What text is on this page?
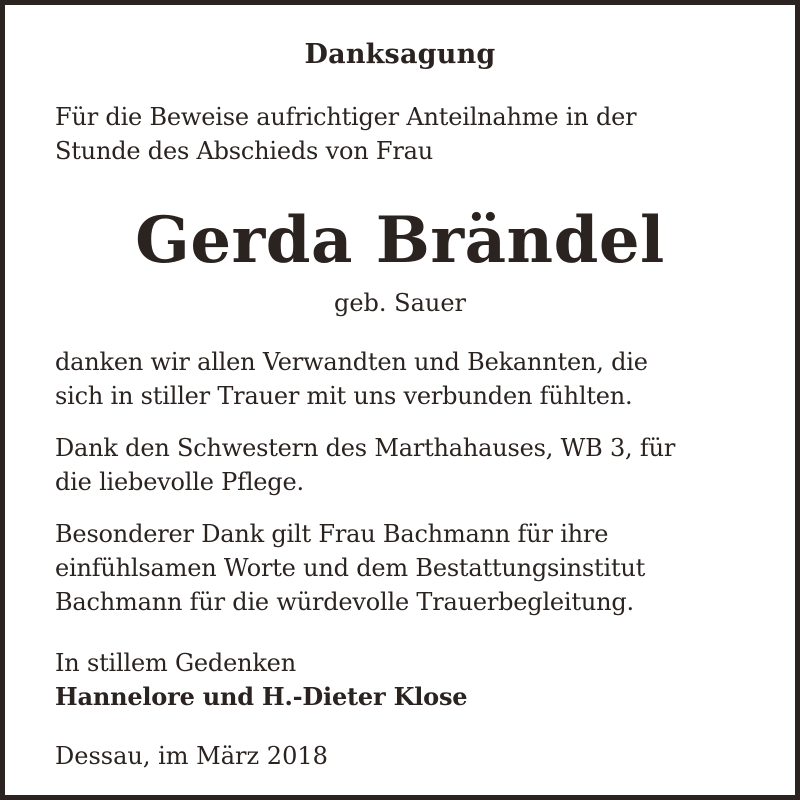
Danksagung
Für die Beweise aufrichtiger Anteilnahme in der
Stunde des Abschieds von Frau
Gerda Brändel
geb. Sauer
danken wir allen Verwandten und Bekannten, die
sich in stiller Trauer mit uns verbunden fühlten.
Dank den Schwestern des Marthahauses, WB 3, für
die liebevolle Pflege.
Besonderer Dank gilt Frau Bachmann für ihre
einfühlsamen Worte und dem Bestattungsinstitut
Bachmann für die würdevolle Trauerbegleitung.
In stillem Gedenken
Hannelore und H.-Dieter Klose
Dessau, im März 2018
